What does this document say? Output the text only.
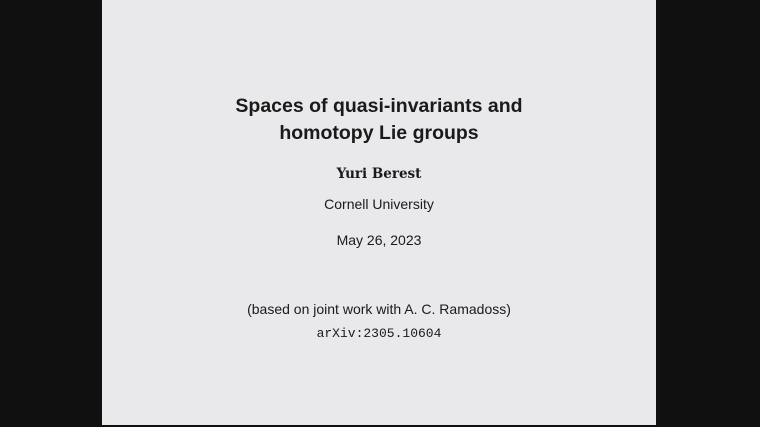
Spaces of quasi-invariants and
homotopy Lie groups
Yuri Berest
Cornell University
May 26, 2023
(based on joint work with A. C. Ramadoss)
arXiv:2305.10604
